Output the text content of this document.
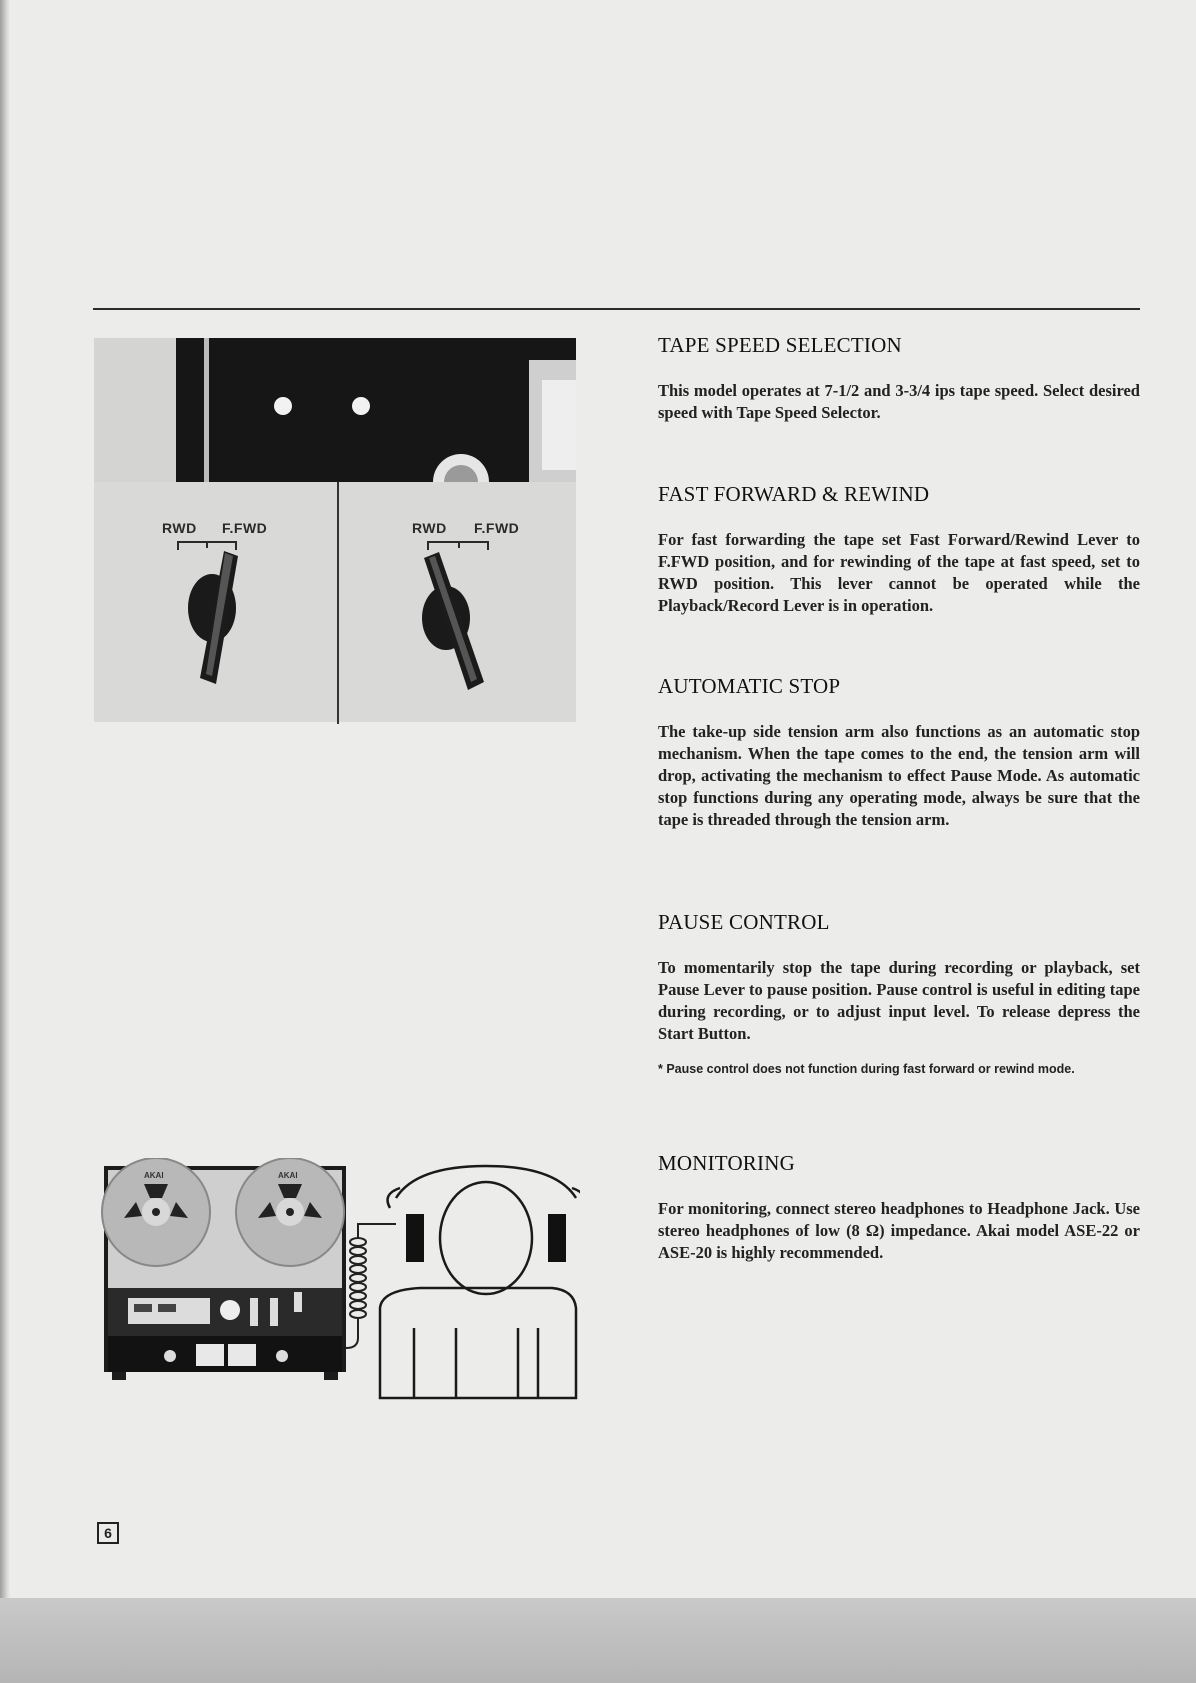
RWD F.FWD	RWD F.FWD
AKAI	AKAI
TAPE SPEED SELECTION

This model operates at 7-1/2 and 3-3/4 ips tape speed. Select desired speed with Tape Speed Selector.

FAST FORWARD & REWIND

For fast forwarding the tape set Fast Forward/Rewind Lever to F.FWD position, and for rewinding of the tape at fast speed, set to RWD position. This lever cannot be operated while the Playback/Record Lever is in operation.

AUTOMATIC STOP

The take-up side tension arm also functions as an automatic stop mechanism. When the tape comes to the end, the tension arm will drop, activating the mechanism to effect Pause Mode. As automatic stop functions during any operating mode, always be sure that the tape is threaded through the tension arm.

PAUSE CONTROL

To momentarily stop the tape during recording or playback, set Pause Lever to pause position. Pause control is useful in editing tape during recording, or to adjust input level. To release depress the Start Button.

* Pause control does not function during fast forward or rewind mode.

MONITORING

For monitoring, connect stereo headphones to Headphone Jack. Use stereo headphones of low (8 Ω) impedance. Akai model ASE-22 or ASE-20 is highly recommended.

6
